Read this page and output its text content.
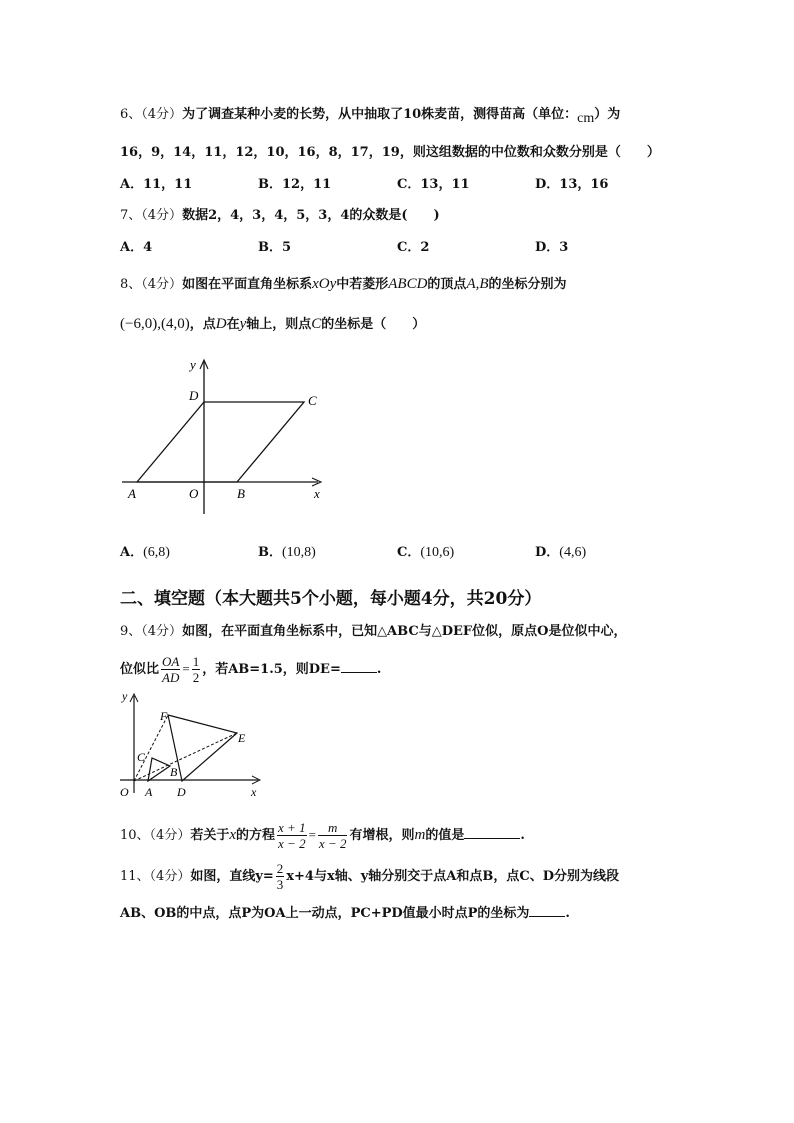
6、（4分）为了调查某种小麦的长势，从中抽取了10株麦苗，测得苗高（单位：cm）为
16，9，14，11，12，10，16，8，17，19，则这组数据的中位数和众数分别是（　　）
A．11，11	B．12，11	C．13，11	D．13，16
7、（4分）数据2，4，3，4，5，3，4的众数是(　　)
A．4	B．5	C．2	D．3
8、（4分）如图在平面直角坐标系xOy中若菱形ABCD的顶点A,B的坐标分别为
(−6,0),(4,0)，点D在y轴上，则点C的坐标是（　　）
y
D	C
A	O	B	x
A．(6,8)	B．(10,8)	C．(10,6)	D．(4,6)
二、填空题（本大题共5个小题，每小题4分，共20分）
9、（4分）如图，在平面直角坐标系中，已知△ABC与△DEF位似，原点O是位似中心，
位似比 $\frac{OA}{AD} = \frac{1}{2}$ ，若AB=1.5，则DE=	.
y
F
E
C
B
O A D	x
10、（4分）若关于x的方程 $\frac{x + 1}{x - 2} = \frac{m}{x - 2}$ 有增根，则m的值是	.
11、（4分）如图，直线$y= \frac{2}{3} x+4$与x轴、y轴分别交于点A和点B，点C、D分别为线段
AB、OB的中点，点P为OA上一动点，PC+PD值最小时点P的坐标为	.
